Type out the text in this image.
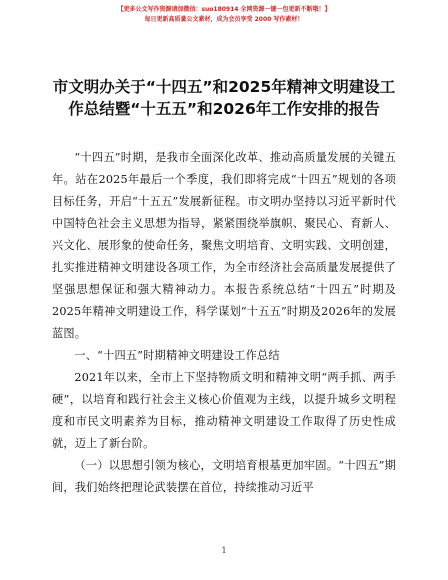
【更多公文写作资源请加微信：suo180914 全网资源一键一包更新不断哦！】
每日更新高质量公文素材，成为会员享受 2000 写作素材！
市文明办关于“十四五”和2025年精神文明建设工作总结暨“十五五”和2026年工作安排的报告

“十四五”时期，是我市全面深化改革、推动高质量发展的关键五年。站在2025年最后一个季度，我们即将完成“十四五”规划的各项目标任务，开启“十五五”发展新征程。市文明办坚持以习近平新时代中国特色社会主义思想为指导，紧紧围绕举旗帜、聚民心、育新人、兴文化、展形象的使命任务，聚焦文明培育、文明实践、文明创建，扎实推进精神文明建设各项工作，为全市经济社会高质量发展提供了坚强思想保证和强大精神动力。本报告系统总结“十四五”时期及2025年精神文明建设工作，科学谋划“十五五”时期及2026年的发展蓝图。

一、“十四五”时期精神文明建设工作总结

2021年以来，全市上下坚持物质文明和精神文明“两手抓、两手硬”，以培育和践行社会主义核心价值观为主线，以提升城乡文明程度和市民文明素养为目标，推动精神文明建设工作取得了历史性成就，迈上了新台阶。

（一）以思想引领为核心，文明培育根基更加牢固。“十四五”期间，我们始终把理论武装摆在首位，持续推动习近平

1
